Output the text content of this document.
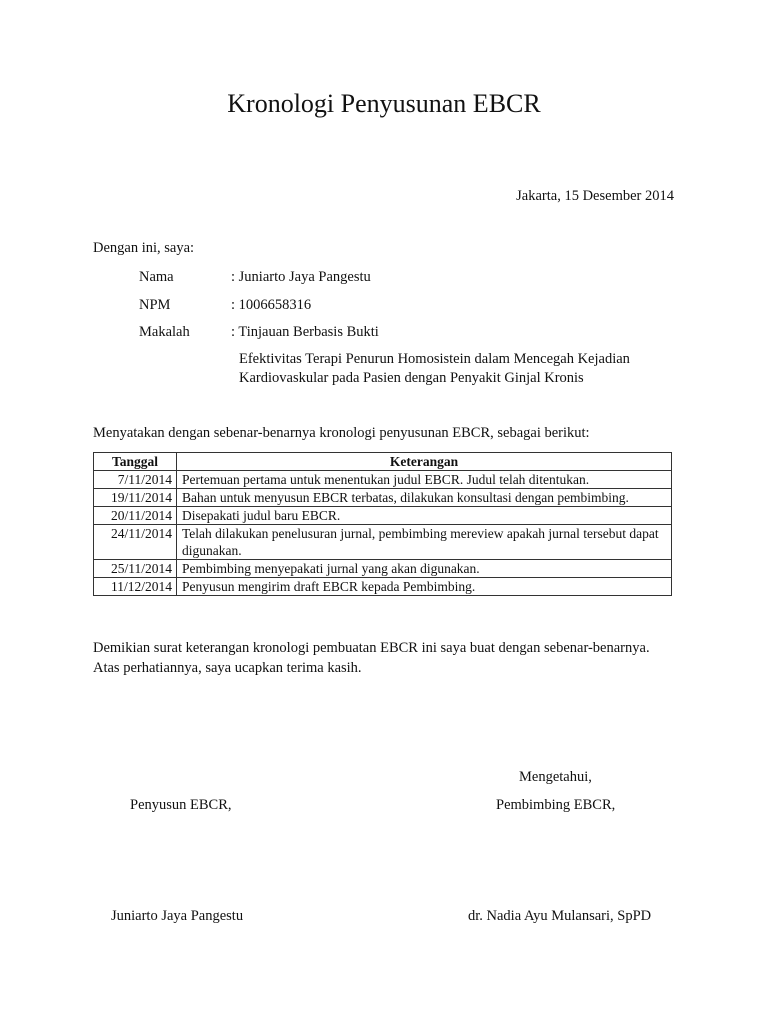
Kronologi Penyusunan EBCR
Jakarta, 15 Desember 2014
Dengan ini, saya:
Nama	: Juniarto Jaya Pangestu
NPM	: 1006658316
Makalah	: Tinjauan Berbasis Bukti
Efektivitas Terapi Penurun Homosistein dalam Mencegah Kejadian Kardiovaskular pada Pasien dengan Penyakit Ginjal Kronis
Menyatakan dengan sebenar-benarnya kronologi penyusunan EBCR, sebagai berikut:
Tanggal	Keterangan
7/11/2014	Pertemuan pertama untuk menentukan judul EBCR. Judul telah ditentukan.
19/11/2014	Bahan untuk menyusun EBCR terbatas, dilakukan konsultasi dengan pembimbing.
20/11/2014	Disepakati judul baru EBCR.
24/11/2014	Telah dilakukan penelusuran jurnal, pembimbing mereview apakah jurnal tersebut dapat digunakan.
25/11/2014	Pembimbing menyepakati jurnal yang akan digunakan.
11/12/2014	Penyusun mengirim draft EBCR kepada Pembimbing.
Demikian surat keterangan kronologi pembuatan EBCR ini saya buat dengan sebenar-benarnya. Atas perhatiannya, saya ucapkan terima kasih.
Mengetahui,
Penyusun EBCR,	Pembimbing EBCR,
Juniarto Jaya Pangestu	dr. Nadia Ayu Mulansari, SpPD
